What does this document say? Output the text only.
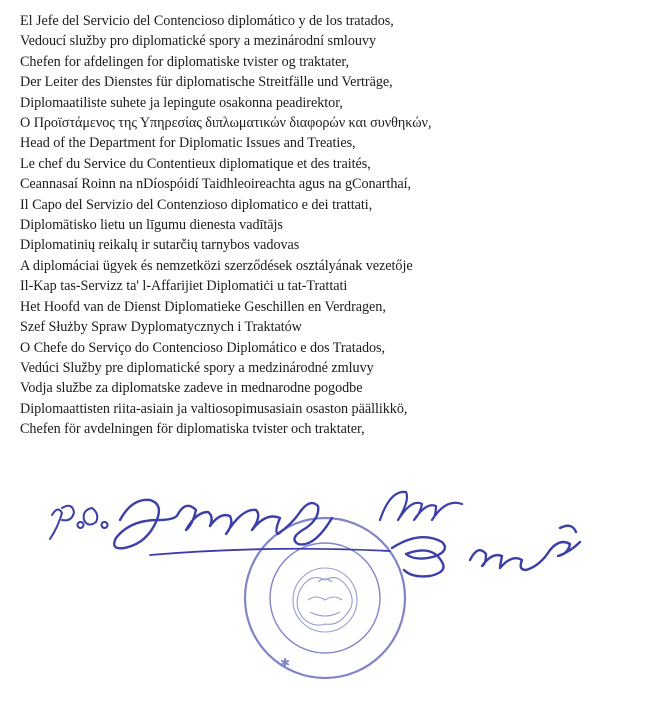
El Jefe del Servicio del Contencioso diplomático y de los tratados,
Vedoucí služby pro diplomatické spory a mezinárodní smlouvy
Chefen for afdelingen for diplomatiske tvister og traktater,
Der Leiter des Dienstes für diplomatische Streitfälle und Verträge,
Diplomaatiliste suhete ja lepingute osakonna peadirektor,
Ο Προϊστάμενος της Υπηρεσίας διπλωματικών διαφορών και συνθηκών,
Head of the Department for Diplomatic Issues and Treaties,
Le chef du Service du Contentieux diplomatique et des traités,
Ceannasaí Roinn na nDíospóidí Taidhleoireachta agus na gConarthaí,
Il Capo del Servizio del Contenzioso diplomatico e dei trattati,
Diplomātisko lietu un līgumu dienesta vadītājs
Diplomatinių reikalų ir sutarčių tarnybos vadovas
A diplomáciai ügyek és nemzetközi szerződések osztályának vezetője
Il-Kap tas-Servizz ta' l-Affarijiet Diplomatiċi u tat-Trattati
Het Hoofd van de Dienst Diplomatieke Geschillen en Verdragen,
Szef Służby Spraw Dyplomatycznych i Traktatów
O Chefe do Serviço do Contencioso Diplomático e dos Tratados,
Vedúci Služby pre diplomatické spory a medzinárodné zmluvy
Vodja službe za diplomatske zadeve in mednarodne pogodbe
Diplomaattisten riita-asiain ja valtiosopimusasiain osaston päällikkö,
Chefen för avdelningen för diplomatiska tvister och traktater,
✱
